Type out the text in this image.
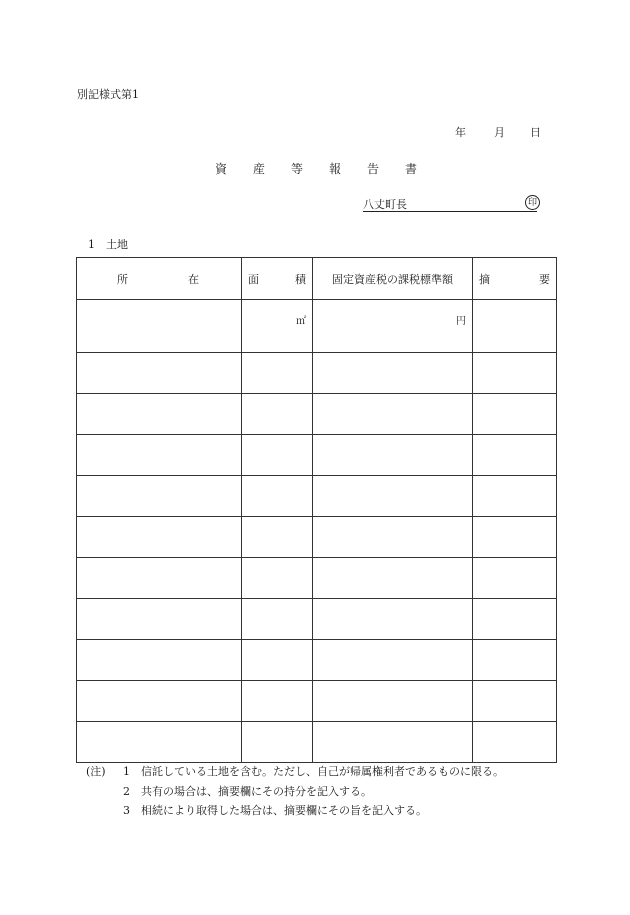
別記様式第1
年	月 日
資産等報告書
八丈町長	印
1　土地
所 在	面 積	固定資産税の課税標準額	摘 要

	㎡	円	

(注)	1	信託している土地を含む。ただし、自己が帰属権利者であるものに限る。
2	共有の場合は、摘要欄にその持分を記入する。
3	相続により取得した場合は、摘要欄にその旨を記入する。
